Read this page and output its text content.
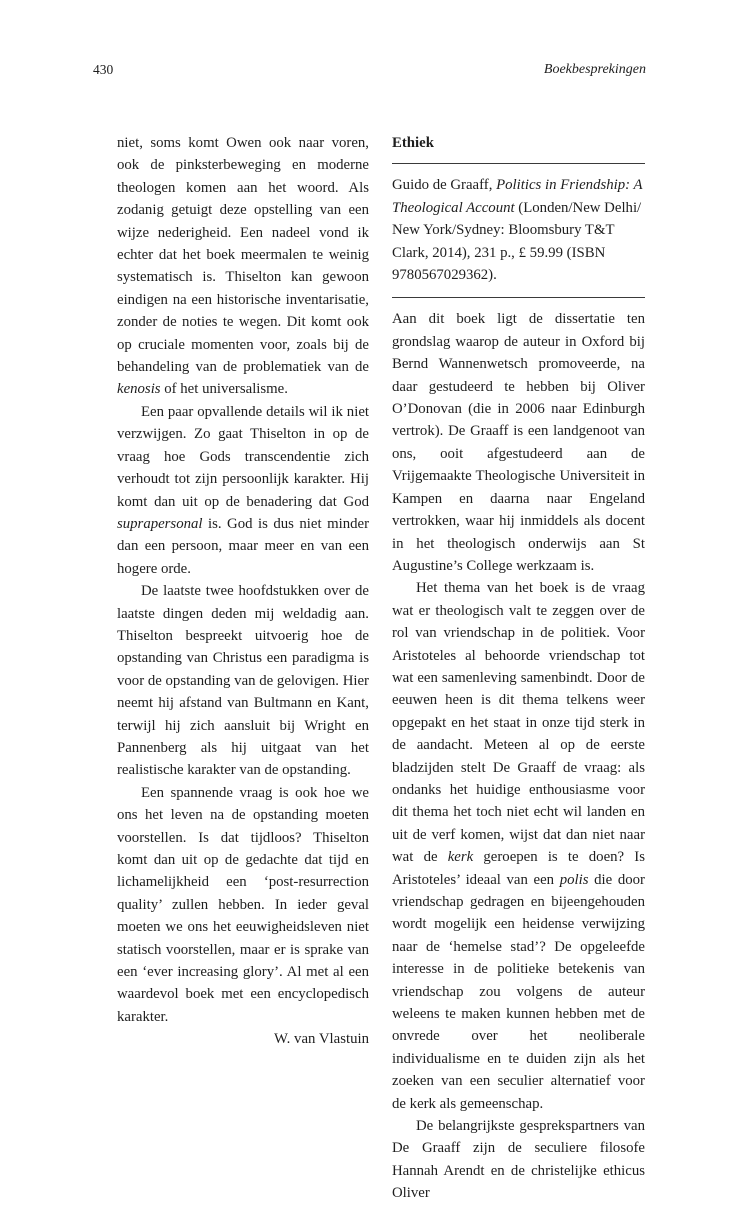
430	Boekbesprekingen

niet, soms komt Owen ook naar voren, ook de pinksterbeweging en moderne theologen komen aan het woord. Als zodanig getuigt deze opstelling van een wijze nederigheid. Een nadeel vond ik echter dat het boek meermalen te weinig systematisch is. Thiselton kan gewoon eindigen na een historische inventarisatie, zonder de noties te wegen. Dit komt ook op cruciale momenten voor, zoals bij de behandeling van de problematiek van de kenosis of het universalisme.

Een paar opvallende details wil ik niet verzwijgen. Zo gaat Thiselton in op de vraag hoe Gods transcendentie zich verhoudt tot zijn persoonlijk karakter. Hij komt dan uit op de benadering dat God suprapersonal is. God is dus niet minder dan een persoon, maar meer en van een hogere orde.

De laatste twee hoofdstukken over de laatste dingen deden mij weldadig aan. Thiselton bespreekt uitvoerig hoe de opstanding van Christus een paradigma is voor de opstanding van de gelovigen. Hier neemt hij afstand van Bultmann en Kant, terwijl hij zich aansluit bij Wright en Pannenberg als hij uitgaat van het realistische karakter van de opstanding.

Een spannende vraag is ook hoe we ons het leven na de opstanding moeten voorstellen. Is dat tijdloos? Thiselton komt dan uit op de gedachte dat tijd en lichamelijkheid een ‘post-resurrection quality’ zullen hebben. In ieder geval moeten we ons het eeuwigheidsleven niet statisch voorstellen, maar er is sprake van een ‘ever increasing glory’. Al met al een waardevol boek met een encyclopedisch karakter.

W. van Vlastuin

Ethiek

Guido de Graaff, Politics in Friendship: A Theological Account (Londen/New Delhi/ New York/Sydney: Bloomsbury T&T Clark, 2014), 231 p., £ 59.99 (ISBN 9780567029362).

Aan dit boek ligt de dissertatie ten grondslag waarop de auteur in Oxford bij Bernd Wannenwetsch promoveerde, na daar gestudeerd te hebben bij Oliver O’Donovan (die in 2006 naar Edinburgh vertrok). De Graaff is een landgenoot van ons, ooit afgestudeerd aan de Vrijgemaakte Theologische Universiteit in Kampen en daarna naar Engeland vertrokken, waar hij inmiddels als docent in het theologisch onderwijs aan St Augustine’s College werkzaam is.

Het thema van het boek is de vraag wat er theologisch valt te zeggen over de rol van vriendschap in de politiek. Voor Aristoteles al behoorde vriendschap tot wat een samenleving samenbindt. Door de eeuwen heen is dit thema telkens weer opgepakt en het staat in onze tijd sterk in de aandacht. Meteen al op de eerste bladzijden stelt De Graaff de vraag: als ondanks het huidige enthousiasme voor dit thema het toch niet echt wil landen en uit de verf komen, wijst dat dan niet naar wat de kerk geroepen is te doen? Is Aristoteles’ ideaal van een polis die door vriendschap gedragen en bijeengehouden wordt mogelijk een heidense verwijzing naar de ‘hemelse stad’? De opgeleefde interesse in de politieke betekenis van vriendschap zou volgens de auteur weleens te maken kunnen hebben met de onvrede over het neoliberale individualisme en te duiden zijn als het zoeken van een seculier alternatief voor de kerk als gemeenschap.

De belangrijkste gesprekspartners van De Graaff zijn de seculiere filosofe Hannah Arendt en de christelijke ethicus Oliver
